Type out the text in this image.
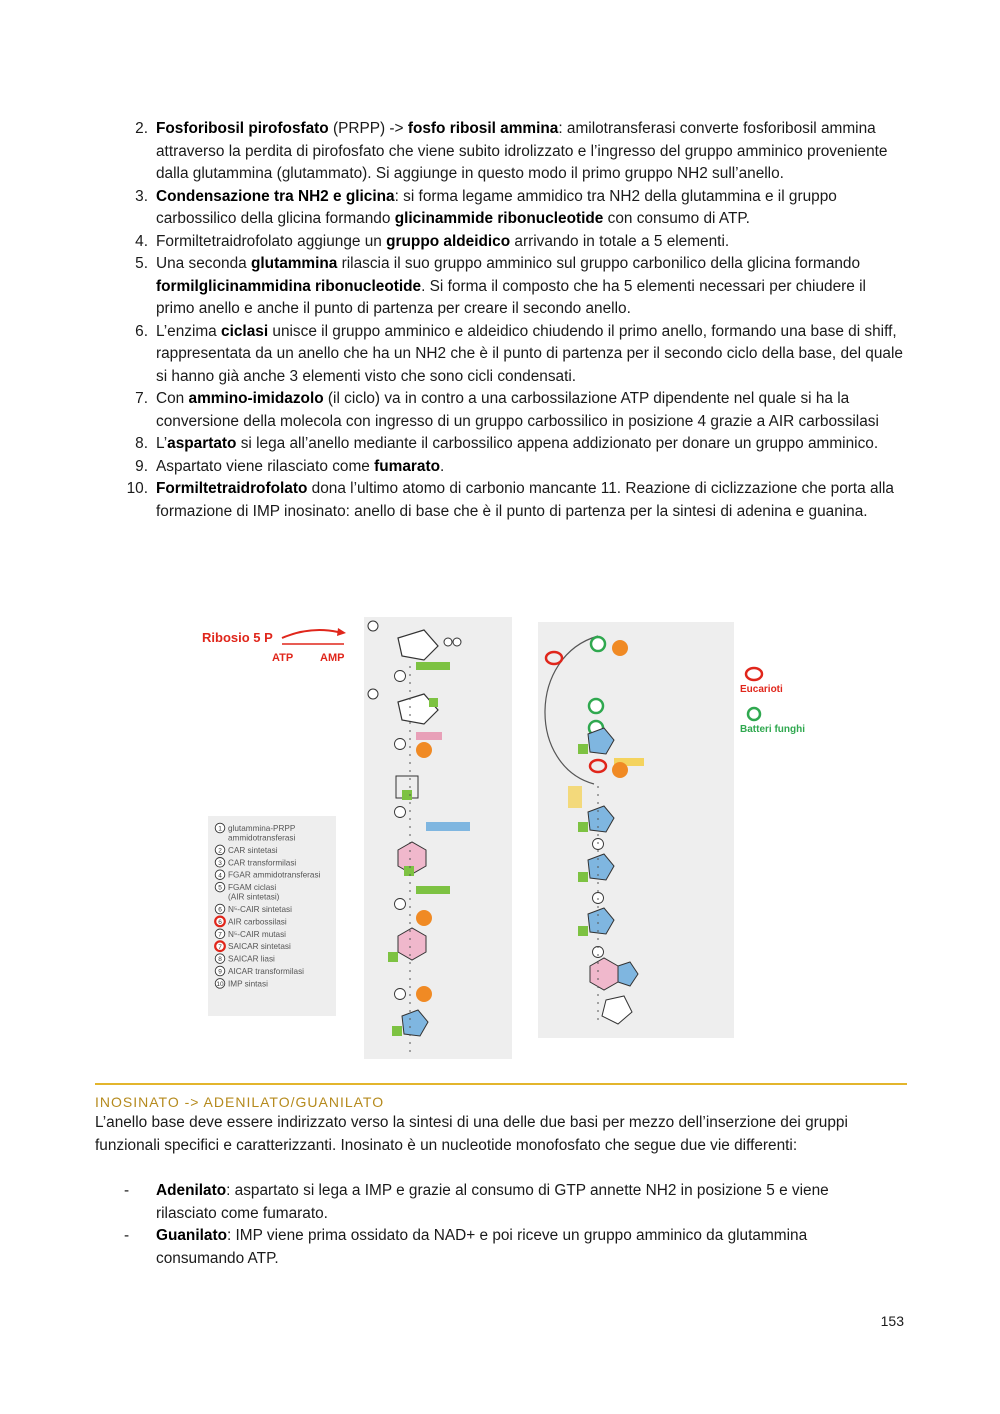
2 . Fosforibosil pirofosfato (PRPP) -> fosfo ribosil ammina: amilotransferasi converte fosforibosil ammina attraverso la perdita di pirofosfato che viene subito idrolizzato e l’ingresso del gruppo amminico proveniente dalla glutammina (glutammato). Si aggiunge in questo modo il primo gruppo NH2 sull’anello.
3 . Condensazione tra NH2 e glicina: si forma legame ammidico tra NH2 della glutammina e il gruppo carbossilico della glicina formando glicinammide ribonucleotide con consumo di ATP.
4 . Formiltetraidrofolato aggiunge un gruppo aldeidico arrivando in totale a 5 elementi.
5 . Una seconda glutammina rilascia il suo gruppo amminico sul gruppo carbonilico della glicina formando formilglicinammidina ribonucleotide. Si forma il composto che ha 5 elementi necessari per chiudere il primo anello e anche il punto di partenza per creare il secondo anello.
6 . L’enzima ciclasi unisce il gruppo amminico e aldeidico chiudendo il primo anello, formando una base di shiff, rappresentata da un anello che ha un NH2 che è il punto di partenza per il secondo ciclo della base, del quale si hanno già anche 3 elementi visto che sono cicli condensati.
7 . Con ammino-imidazolo (il ciclo) va in contro a una carbossilazione ATP dipendente nel quale si ha la conversione della molecola con ingresso di un gruppo carbossilico in posizione 4 grazie a AIR carbossilasi
8 . L’aspartato si lega all’anello mediante il carbossilico appena addizionato per donare un gruppo amminico.
9 . Aspartato viene rilasciato come fumarato.
10 . Formiltetraidrofolato dona l’ultimo atomo di carbonio mancante 11. Reazione di ciclizzazione che porta alla formazione di IMP inosinato: anello di base che è il punto di partenza per la sintesi di adenina e guanina.
Ribosio 5 P
ATP AMP
Eucarioti
Batteri funghi
1 glutammina-PRPP
ammidotransferasi
2 CAR sintetasi
3 CAR transformilasi
4 FGAR ammidotransferasi
5 FGAM ciclasi
(AIR sintetasi)
6 N⁵-CAIR sintetasi
6 AIR carbossilasi
7 N⁵-CAIR mutasi
7 SAICAR sintetasi
8 SAICAR liasi
9 AICAR transformilasi
10 IMP sintasi
INOSINATO -> ADENILATO/GUANILATO
L’anello base deve essere indirizzato verso la sintesi di una delle due basi per mezzo dell’inserzione dei gruppi funzionali specifici e caratterizzanti. Inosinato è un nucleotide monofosfato che segue due vie differenti:
- Adenilato: aspartato si lega a IMP e grazie al consumo di GTP annette NH2 in posizione 5 e viene rilasciato come fumarato.
- Guanilato: IMP viene prima ossidato da NAD+ e poi riceve un gruppo amminico da glutammina consumando ATP.
153
